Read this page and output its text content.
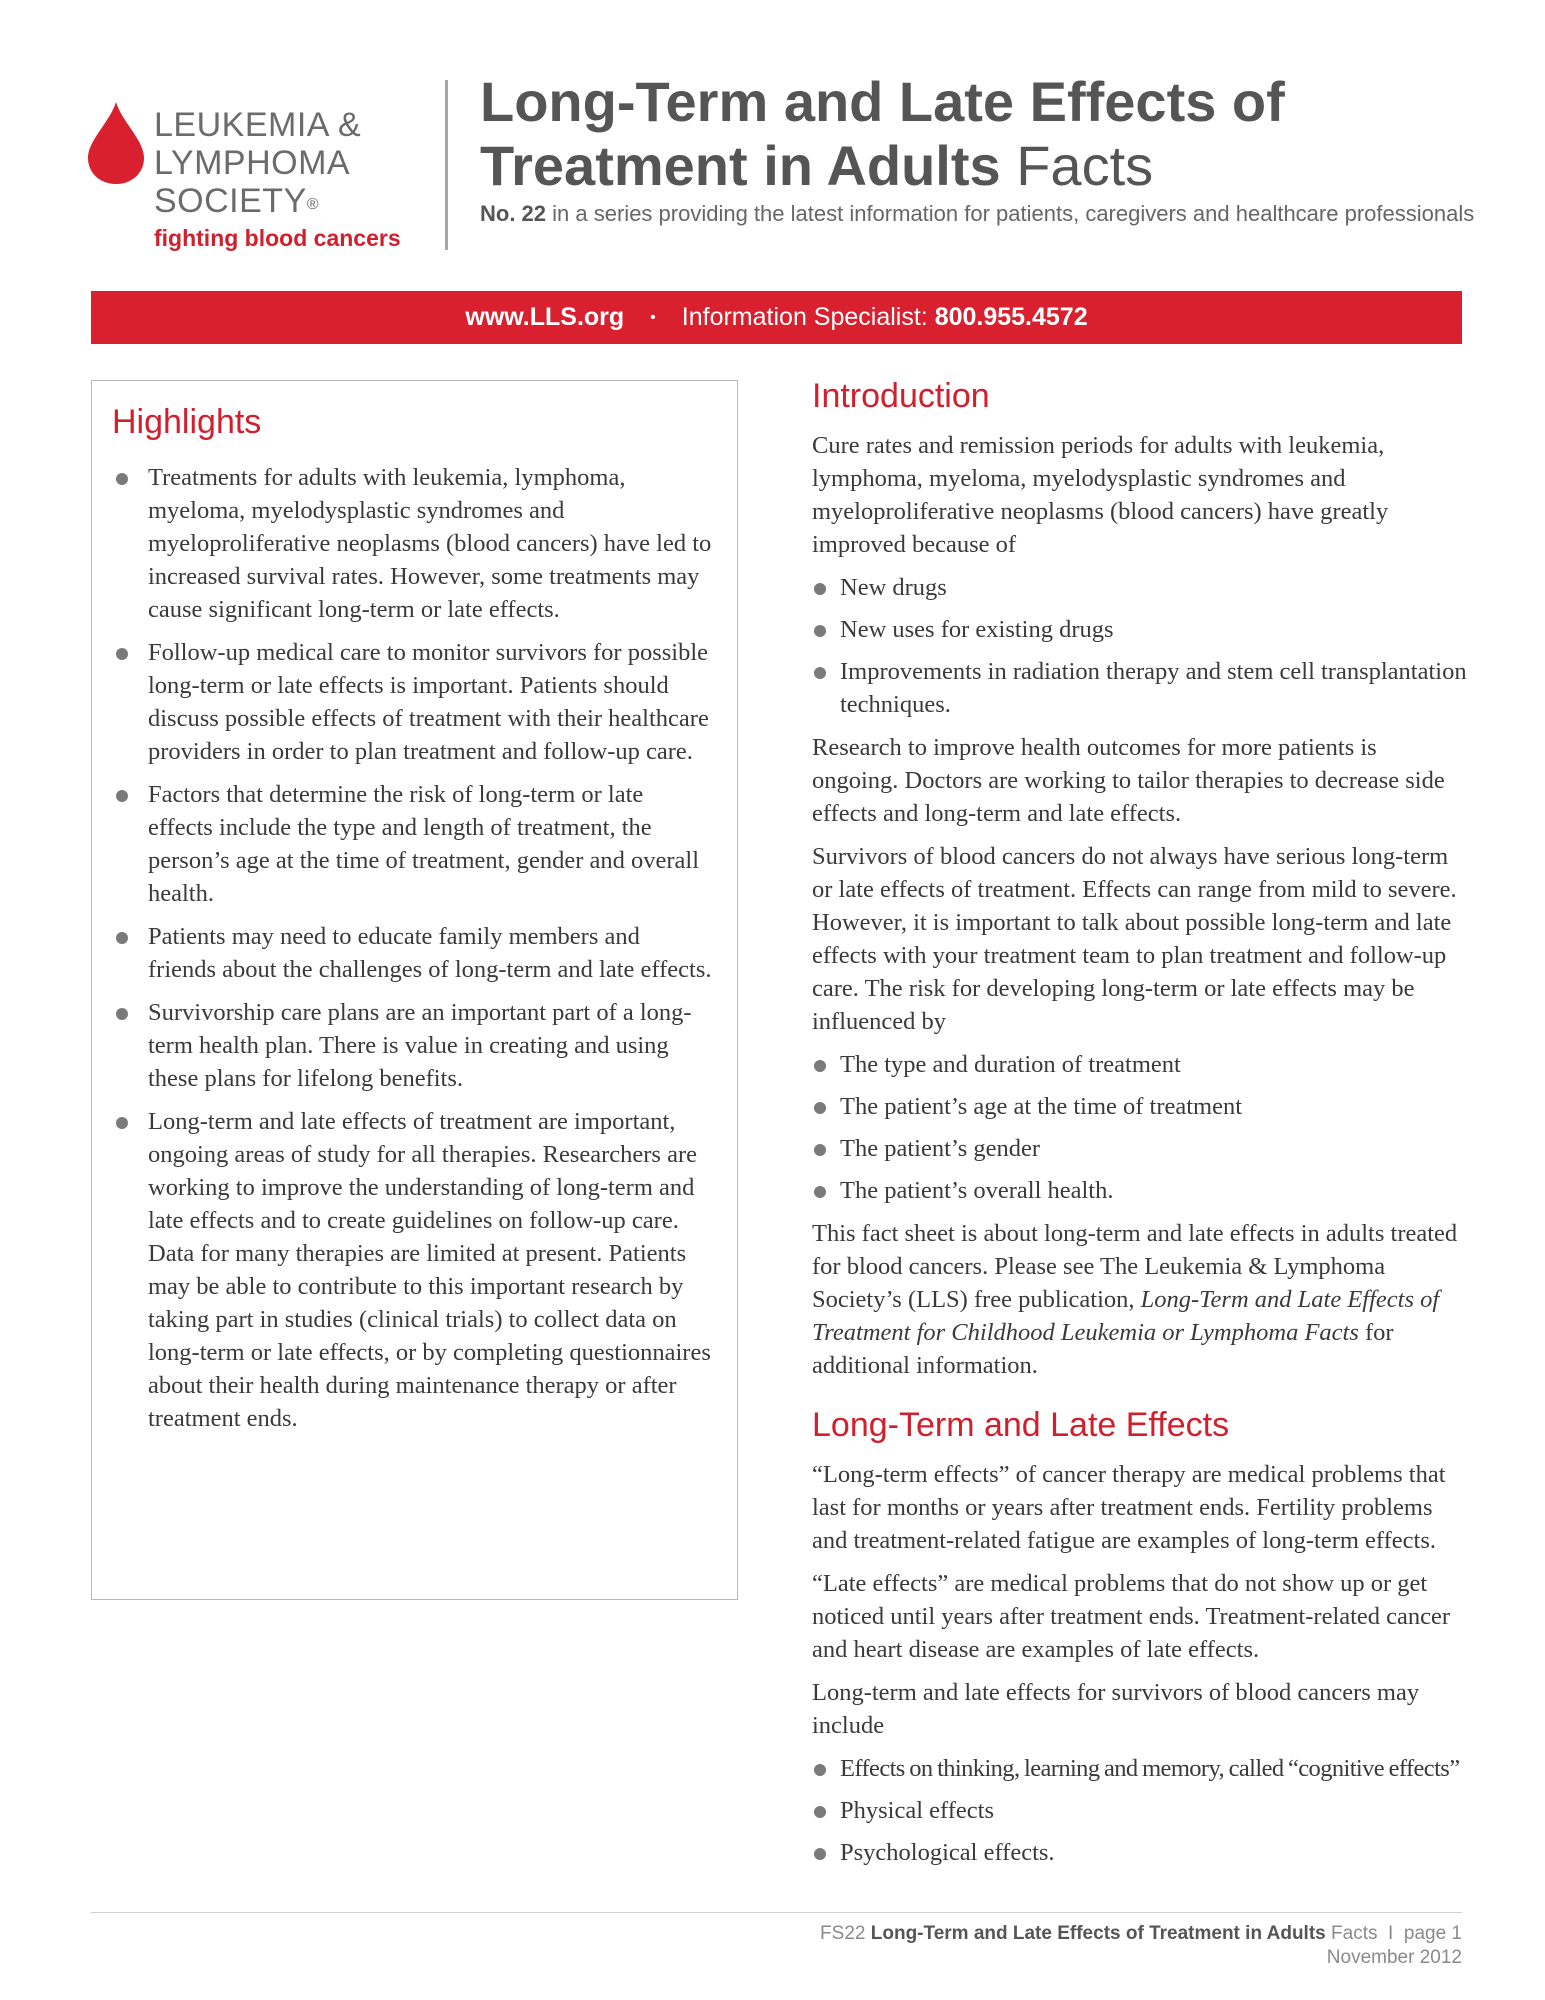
LEUKEMIA &
LYMPHOMA
SOCIETY®
fighting blood cancers
Long-Term and Late Effects of
Treatment in Adults Facts
No. 22 in a series providing the latest information for patients, caregivers and healthcare professionals
www.LLS.org • Information Specialist:
800.955.4572
Highlights
Treatments for adults with leukemia, lymphoma, myeloma, myelodysplastic syndromes and myeloproliferative neoplasms (blood cancers) have led to increased survival rates. However, some treatments may cause significant long-term or late effects.
Follow-up medical care to monitor survivors for possible long-term or late effects is important. Patients should discuss possible effects of treatment with their healthcare providers in order to plan treatment and follow-up care.
Factors that determine the risk of long-term or late effects include the type and length of treatment, the person’s age at the time of treatment, gender and overall health.
Patients may need to educate family members and friends about the challenges of long-term and late effects.
Survivorship care plans are an important part of a long-term health plan. There is value in creating and using these plans for lifelong benefits.
Long-term and late effects of treatment are important, ongoing areas of study for all therapies. Researchers are working to improve the understanding of long-term and late effects and to create guidelines on follow-up care. Data for many therapies are limited at present. Patients may be able to contribute to this important research by taking part in studies (clinical trials) to collect data on long-term or late effects, or by completing questionnaires about their health during maintenance therapy or after treatment ends.
Introduction

Cure rates and remission periods for adults with leukemia, lymphoma, myeloma, myelodysplastic syndromes and myeloproliferative neoplasms (blood cancers) have greatly improved because of

New drugs
New uses for existing drugs
Improvements in radiation therapy and stem cell transplantation techniques.

Research to improve health outcomes for more patients is ongoing. Doctors are working to tailor therapies to decrease side effects and long-term and late effects.

Survivors of blood cancers do not always have serious long-term or late effects of treatment. Effects can range from mild to severe. However, it is important to talk about possible long-term and late effects with your treatment team to plan treatment and follow-up care. The risk for developing long-term or late effects may be influenced by

The type and duration of treatment
The patient’s age at the time of treatment
The patient’s gender
The patient’s overall health.

This fact sheet is about long-term and late effects in adults treated for blood cancers. Please see The Leukemia & Lymphoma Society’s (LLS) free publication, Long-Term and Late Effects of Treatment for Childhood Leukemia or Lymphoma Facts for additional information.

Long-Term and Late Effects

“Long-term effects” of cancer therapy are medical problems that last for months or years after treatment ends. Fertility problems and treatment-related fatigue are examples of long-term effects.

“Late effects” are medical problems that do not show up or get noticed until years after treatment ends. Treatment-related cancer and heart disease are examples of late effects.

Long-term and late effects for survivors of blood cancers may include

Effects on thinking, learning and memory, called “cognitive effects”
Physical effects
Psychological effects.
FS22 Long-Term and Late Effects of Treatment in Adults Facts I page 1
November 2012
